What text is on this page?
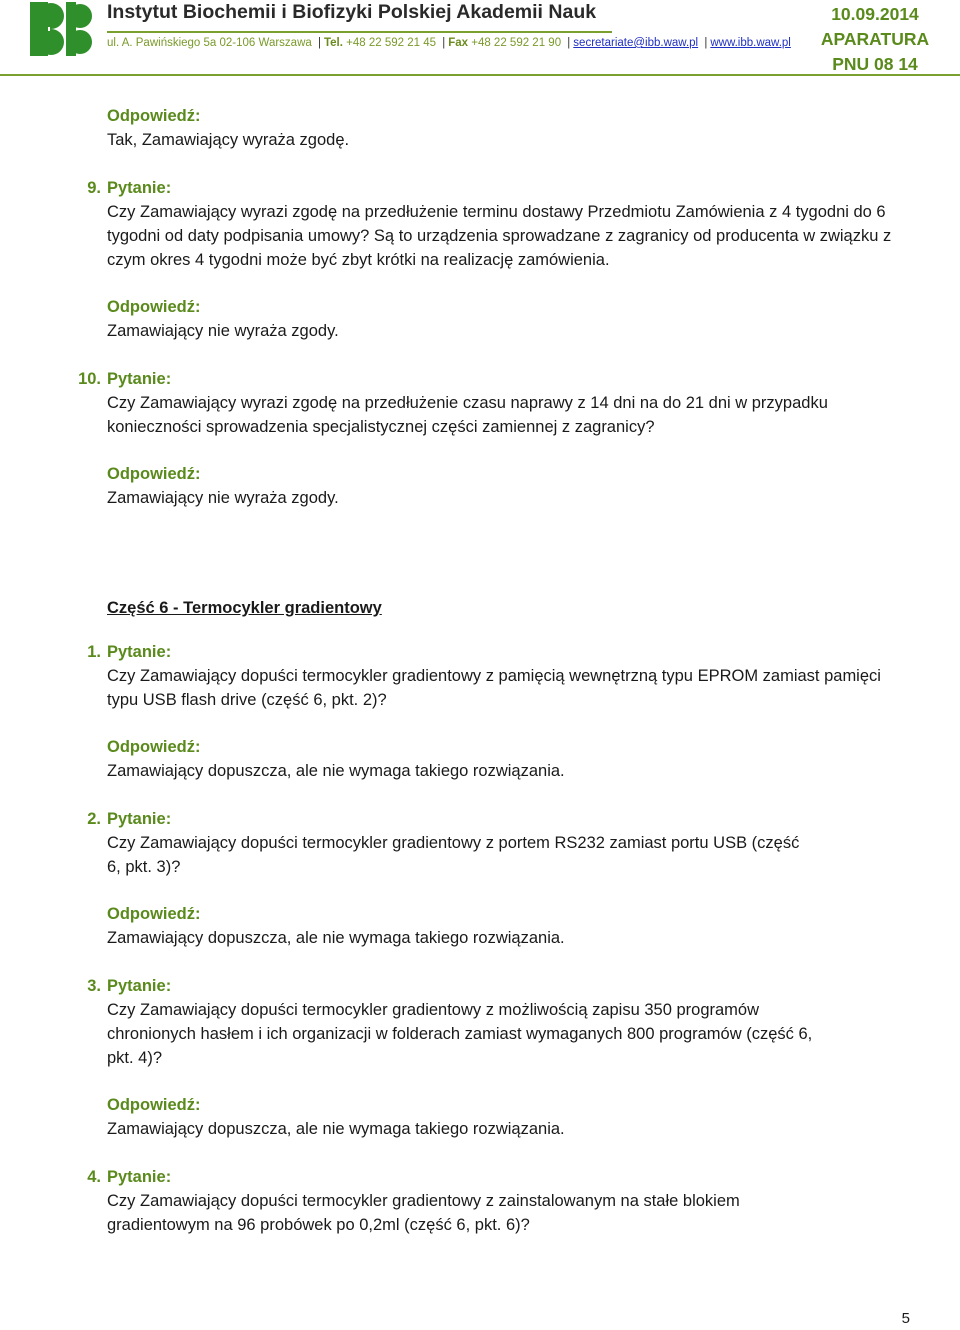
Instytut Biochemii i Biofizyki Polskiej Akademii Nauk
ul. A. Pawińskiego 5a 02-106 Warszawa | Tel. +48 22 592 21 45 | Fax +48 22 592 21 90 | secretariate@ibb.waw.pl | www.ibb.waw.pl
10.09.2014
APARATURA
PNU 08 14

Odpowiedź:

Tak, Zamawiający wyraża zgodę.

9. Pytanie:

Czy Zamawiający wyrazi zgodę na przedłużenie terminu dostawy Przedmiotu Zamówienia z 4 tygodni do 6 tygodni od daty podpisania umowy? Są to urządzenia sprowadzane z zagranicy od producenta w związku z czym okres 4 tygodni może być zbyt krótki na realizację zamówienia.

Odpowiedź:

Zamawiający nie wyraża zgody.

10. Pytanie:

Czy Zamawiający wyrazi zgodę na przedłużenie czasu naprawy z 14 dni na do 21 dni w przypadku konieczności sprowadzenia specjalistycznej części zamiennej z zagranicy?

Odpowiedź:

Zamawiający nie wyraża zgody.

Część 6 - Termocykler gradientowy

1. Pytanie:

Czy Zamawiający dopuści termocykler gradientowy z pamięcią wewnętrzną typu EPROM zamiast pamięci typu USB flash drive (część 6, pkt. 2)?

Odpowiedź:

Zamawiający dopuszcza, ale nie wymaga takiego rozwiązania.

2. Pytanie:

Czy Zamawiający dopuści termocykler gradientowy z portem RS232 zamiast portu USB (część 6, pkt. 3)?

Odpowiedź:

Zamawiający dopuszcza, ale nie wymaga takiego rozwiązania.

3. Pytanie:

Czy Zamawiający dopuści termocykler gradientowy z możliwością zapisu 350 programów chronionych hasłem i ich organizacji w folderach zamiast wymaganych 800 programów (część 6, pkt. 4)?

Odpowiedź:

Zamawiający dopuszcza, ale nie wymaga takiego rozwiązania.

4. Pytanie:

Czy Zamawiający dopuści termocykler gradientowy z zainstalowanym na stałe blokiem gradientowym na 96 probówek po 0,2ml (część 6, pkt. 6)?

5
